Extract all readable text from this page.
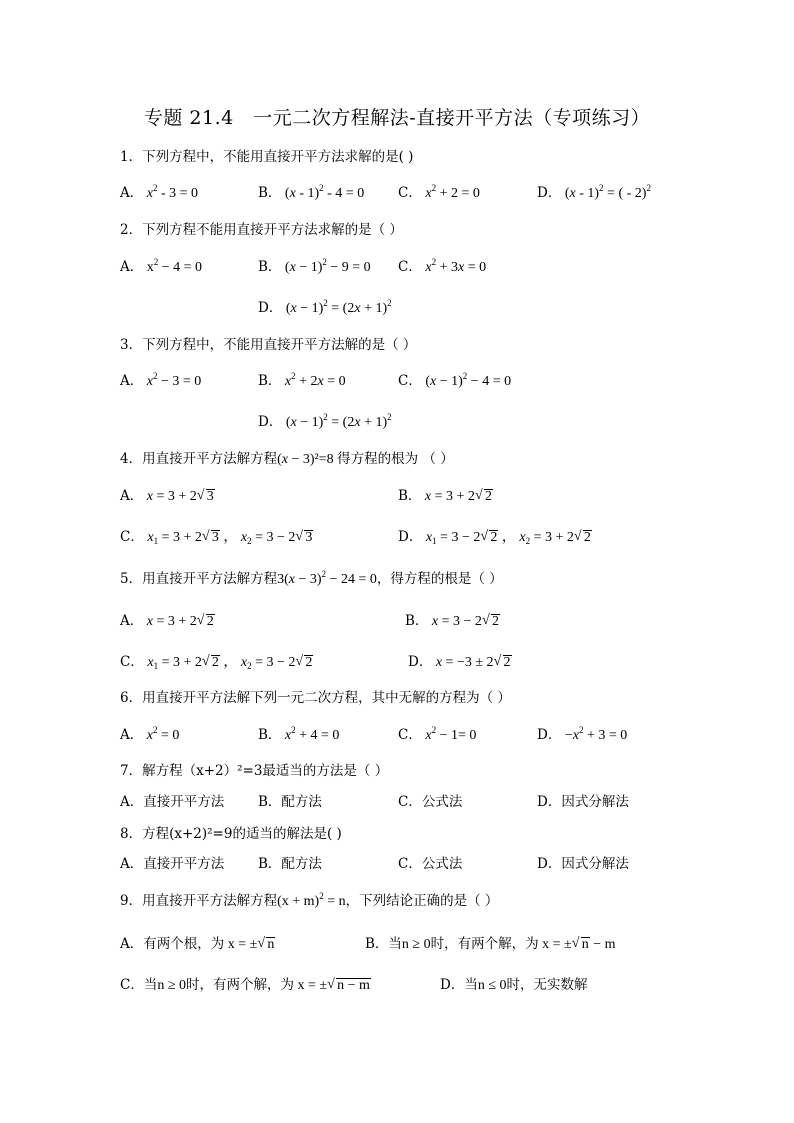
专题 21.4　一元二次方程解法-直接开平方法（专项练习）
1．下列方程中，不能用直接开平方法求解的是( )
A． $x^2 - 3 = 0$	B． (x - 1)$^2$ - 4 = 0	C． $x^2 + 2 = 0$	D． (x - 1)$^2$ = ( - 2)$^2$
2．下列方程不能用直接开平方法求解的是（ ）
A． $x^2 - 4 = 0$	B． $(x - 1)^2 - 9 = 0$ C． $x^2 + 3x = 0$
D． $(x - 1)^2 = (2x + 1)^2$
3．下列方程中，不能用直接开平方法解的是（ ）
A． $x^2 - 3 = 0$	B． $x^2 + 2x = 0$	C． $(x - 1)^2 - 4 = 0$
D． $(x - 1)^2 = (2x + 1)^2$
4．用直接开平方法解方程(x − 3)²=8 得方程的根为 （ ）
A． x = 3 + 2√ 3	B． x = 3 + 2√ 2
C． $x_1 = 3 + 2√$ 3 ， $x_2 = 3 - 2√$ 3	D． $x_1 = 3 - 2√$ 2 ， $x_2 = 3 + 2√$ 2
5．用直接开平方法解方程$3(x - 3)^2 - 24 = 0$，得方程的根是（ ）
A． x = 3 + 2√ 2	B． x = 3 − 2√ 2
C． $x_1 = 3 + 2√$ 2 ， $x_2 = 3 - 2√$ 2	D． x = −3 ± 2√ 2
6．用直接开平方法解下列一元二次方程，其中无解的方程为（ ）
A． $x^2 = 0$	B． $x^2 + 4 = 0$	C． $x^2 - 1= 0$	D． $-x^2 + 3 = 0$
7．解方程（x+2）²=3最适当的方法是（ ）
A．直接开平方法	B．配方法	C．公式法	D．因式分解法
8．方程(x+2)²=9的适当的解法是( )
A．直接开平方法	B．配方法	C．公式法	D．因式分解法
9．用直接开平方法解方程$(x + m)^2 = n$，下列结论正确的是（ ）
A．有两个根，为 x = ±√ n	B．当n ≥ 0时，有两个解，为 x = ±√ n − m
C．当n ≥ 0时，有两个解，为 x = ±√ n − m	D．当n ≤ 0时，无实数解
